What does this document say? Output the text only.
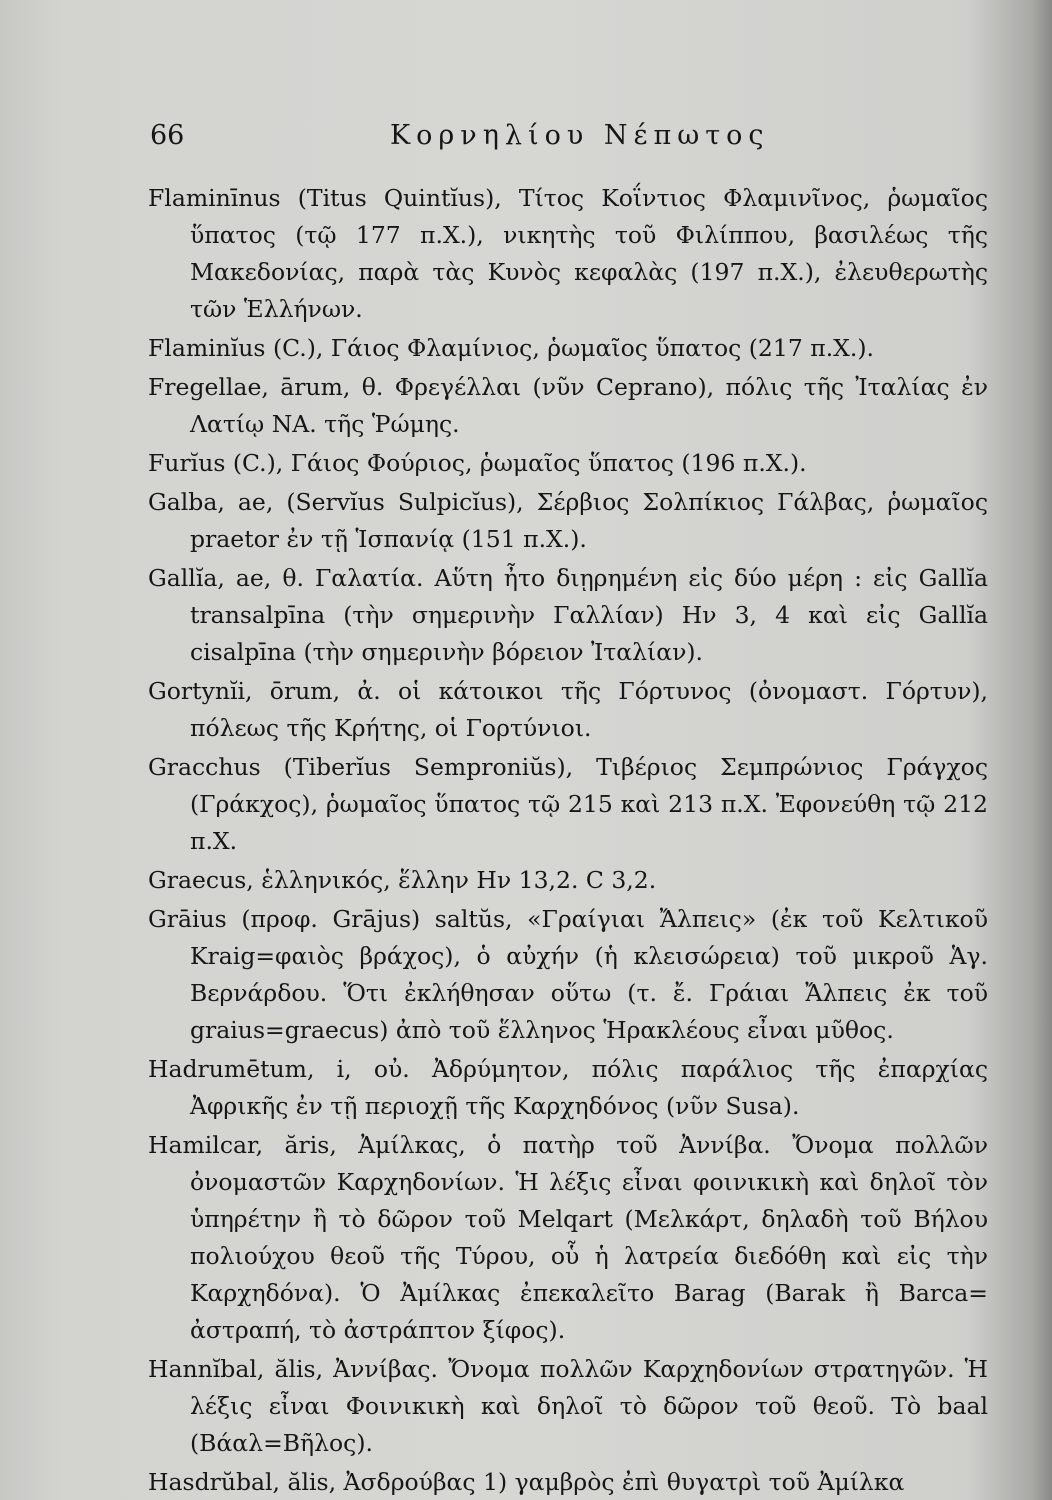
66	Κορνηλίου Νέπωτος

Flaminīnus (Titus Quintĭus), Τίτος Κοΐντιος Φλαμινῖνος, ῥωμαῖος ὕπατος (τῷ 177 π.Χ.), νικητὴς τοῦ Φιλίππου, βασιλέως τῆς Μακεδονίας, παρὰ τὰς Κυνὸς κεφαλὰς (197 π.Χ.), ἐλευθερωτὴς τῶν Ἑλλήνων.

Flaminĭus (C.), Γάιος Φλαμίνιος, ῥωμαῖος ὕπατος (217 π.Χ.).

Fregellae, ārum, θ. Φρεγέλλαι (νῦν Ceprano), πόλις τῆς Ἰταλίας ἐν Λατίῳ ΝΑ. τῆς Ῥώμης.

Furĭus (C.), Γάιος Φούριος, ῥωμαῖος ὕπατος (196 π.Χ.).

Galba, ae, (Servĭus Sulpicĭus), Σέρβιος Σολπίκιος Γάλβας, ῥωμαῖος praetor ἐν τῇ Ἱσπανίᾳ (151 π.Χ.).

Gallĭa, ae, θ. Γαλατία. Αὕτη ἦτο διῃρημένη εἰς δύο μέρη : εἰς Gallĭa transalpīna (τὴν σημερινὴν Γαλλίαν) Ην 3, 4 καὶ εἰς Gallĭa cisalpīna (τὴν σημερινὴν βόρειον Ἰταλίαν).

Gortynĭi, ōrum, ἀ. οἱ κάτοικοι τῆς Γόρτυνος (ὀνομαστ. Γόρτυν), πόλεως τῆς Κρήτης, οἱ Γορτύνιοι.

Gracchus (Tiberĭus Semproniŭs), Τιβέριος Σεμπρώνιος Γράγχος (Γράκχος), ῥωμαῖος ὕπατος τῷ 215 καὶ 213 π.Χ. Ἐφονεύθη τῷ 212 π.Χ.

Graecus, ἑλληνικός, ἕλλην Ην 13,2. C 3,2.

Grāius (προφ. Grājus) saltŭs, «Γραίγιαι Ἄλπεις» (ἐκ τοῦ Κελτικοῦ Kraig=φαιὸς βράχος), ὁ αὐχήν (ἡ κλεισώρεια) τοῦ μικροῦ Ἁγ. Βερνάρδου. Ὅτι ἐκλήθησαν οὕτω (τ. ἔ. Γράιαι Ἄλπεις ἐκ τοῦ graius=graecus) ἀπὸ τοῦ ἕλληνος Ἡρακλέους εἶναι μῦθος.

Hadrumētum, i, οὐ. Ἀδρύμητον, πόλις παράλιος τῆς ἐπαρχίας Ἀφρικῆς ἐν τῇ περιοχῇ τῆς Καρχηδόνος (νῦν Susa).

Hamilcar, ăris, Ἀμίλκας, ὁ πατὴρ τοῦ Ἀννίβα. Ὄνομα πολλῶν ὀνομαστῶν Καρχηδονίων. Ἡ λέξις εἶναι φοινικικὴ καὶ δηλοῖ τὸν ὑπηρέτην ἢ τὸ δῶρον τοῦ Melqart (Μελκάρτ, δηλαδὴ τοῦ Βήλου πολιούχου θεοῦ τῆς Τύρου, οὗ ἡ λατρεία διεδόθη καὶ εἰς τὴν Καρχηδόνα). Ὁ Ἀμίλκας ἐπεκαλεῖτο Barag (Barak ἢ Barca= ἀστραπή, τὸ ἀστράπτον ξίφος).

Hannĭbal, ălis, Ἀννίβας. Ὄνομα πολλῶν Καρχηδονίων στρατηγῶν. Ἡ λέξις εἶναι Φοινικικὴ καὶ δηλοῖ τὸ δῶρον τοῦ θεοῦ. Τὸ baal (Βάαλ=Βῆλος).

Hasdrŭbal, ălis, Ἀσδρούβας 1) γαμβρὸς ἐπὶ θυγατρὶ τοῦ Ἀμίλκα
